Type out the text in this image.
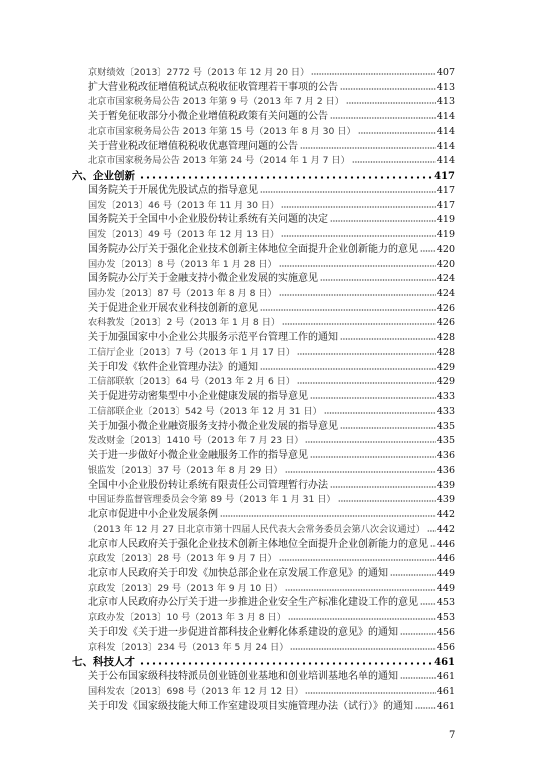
京财绩效〔2013〕2772 号（2013 年 12 月 20 日）	407
扩大营业税改征增值税试点税收征收管理若干事项的公告	413
北京市国家税务局公告 2013 年第 9 号（2013 年 7 月 2 日）	413
关于暂免征收部分小微企业增值税政策有关问题的公告	414
北京市国家税务局公告 2013 年第 15 号（2013 年 8 月 30 日）	414
关于营业税改征增值税税收优惠管理问题的公告	414
北京市国家税务局公告 2013 年第 24 号（2014 年 1 月 7 日）	414
六、企业创新	417
国务院关于开展优先股试点的指导意见	417
国发〔2013〕46 号（2013 年 11 月 30 日）	417
国务院关于全国中小企业股份转让系统有关问题的决定	419
国发〔2013〕49 号（2013 年 12 月 13 日）	419
国务院办公厅关于强化企业技术创新主体地位全面提升企业创新能力的意见 420
国办发〔2013〕8 号（2013 年 1 月 28 日）	420
国务院办公厅关于金融支持小微企业发展的实施意见	424
国办发〔2013〕87 号（2013 年 8 月 8 日）	424
关于促进企业开展农业科技创新的意见	426
农科教发〔2013〕2 号（2013 年 1 月 8 日）	426
关于加强国家中小企业公共服务示范平台管理工作的通知	428
工信厅企业〔2013〕7 号（2013 年 1 月 17 日）	428
关于印发《软件企业管理办法》的通知	429
工信部联软〔2013〕64 号（2013 年 2 月 6 日）	429
关于促进劳动密集型中小企业健康发展的指导意见	433
工信部联企业〔2013〕542 号（2013 年 12 月 31 日）	433
关于加强小微企业融资服务支持小微企业发展的指导意见	435
发改财金〔2013〕1410 号（2013 年 7 月 23 日）	435
关于进一步做好小微企业金融服务工作的指导意见	436
银监发〔2013〕37 号（2013 年 8 月 29 日）	436
全国中小企业股份转让系统有限责任公司管理暂行办法	439
中国证券监督管理委员会令第 89 号（2013 年 1 月 31 日）	439
北京市促进中小企业发展条例	442
（2013 年 12 月 27 日北京市第十四届人民代表大会常务委员会第八次会议通过） 442
北京市人民政府关于强化企业技术创新主体地位全面提升企业创新能力的意见 446
京政发〔2013〕28 号（2013 年 9 月 7 日）	446
北京市人民政府关于印发《加快总部企业在京发展工作意见》的通知	449
京政发〔2013〕29 号（2013 年 9 月 10 日）	449
北京市人民政府办公厅关于进一步推进企业安全生产标准化建设工作的意见 453
京政办发〔2013〕10 号（2013 年 3 月 8 日）	453
关于印发《关于进一步促进首都科技企业孵化体系建设的意见》的通知	456
京科发〔2013〕234 号（2013 年 5 月 24 日）	456
七、科技人才	461
关于公布国家级科技特派员创业链创业基地和创业培训基地名单的通知	461
国科发农〔2013〕698 号（2013 年 12 月 12 日）	461
关于印发《国家级技能大师工作室建设项目实施管理办法（试行）》的通知	461
7
